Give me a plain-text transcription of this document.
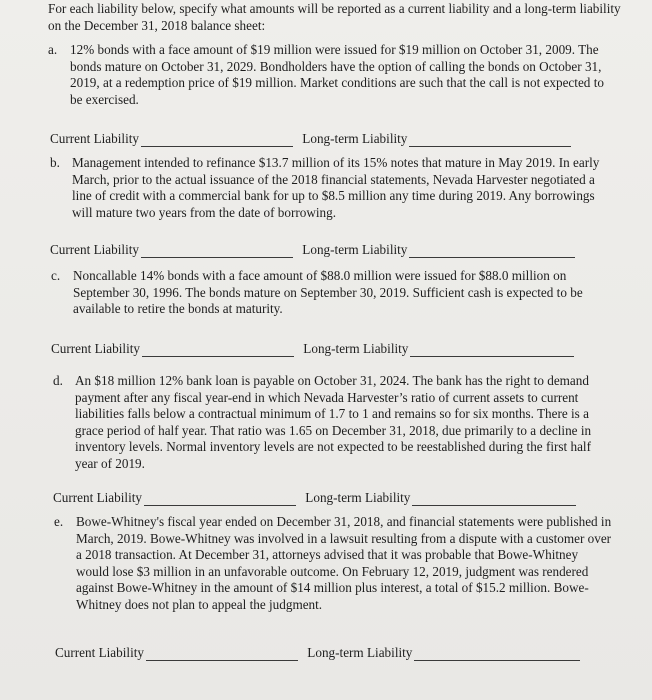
For each liability below, specify what amounts will be reported as a current liability and a long-term liability on the December 31, 2018 balance sheet:
a. 12% bonds with a face amount of $19 million were issued for $19 million on October 31, 2009. The bonds mature on October 31, 2029. Bondholders have the option of calling the bonds on October 31, 2019, at a redemption price of $19 million. Market conditions are such that the call is not expected to be exercised.
Current Liability	Long-term Liability
b. Management intended to refinance $13.7 million of its 15% notes that mature in May 2019. In early March, prior to the actual issuance of the 2018 financial statements, Nevada Harvester negotiated a line of credit with a commercial bank for up to $8.5 million any time during 2019. Any borrowings will mature two years from the date of borrowing.
Current Liability	Long-term Liability
c. Noncallable 14% bonds with a face amount of $88.0 million were issued for $88.0 million on September 30, 1996. The bonds mature on September 30, 2019. Sufficient cash is expected to be available to retire the bonds at maturity.
Current Liability	Long-term Liability
d. An $18 million 12% bank loan is payable on October 31, 2024. The bank has the right to demand payment after any fiscal year-end in which Nevada Harvester’s ratio of current assets to current liabilities falls below a contractual minimum of 1.7 to 1 and remains so for six months. There is a grace period of half year. That ratio was 1.65 on December 31, 2018, due primarily to a decline in inventory levels. Normal inventory levels are not expected to be reestablished during the first half year of 2019.
Current Liability	Long-term Liability
e. Bowe-Whitney's fiscal year ended on December 31, 2018, and financial statements were published in March, 2019. Bowe-Whitney was involved in a lawsuit resulting from a dispute with a customer over a 2018 transaction. At December 31, attorneys advised that it was probable that Bowe-Whitney would lose $3 million in an unfavorable outcome. On February 12, 2019, judgment was rendered against Bowe-Whitney in the amount of $14 million plus interest, a total of $15.2 million. Bowe-Whitney does not plan to appeal the judgment.
Current Liability	Long-term Liability
